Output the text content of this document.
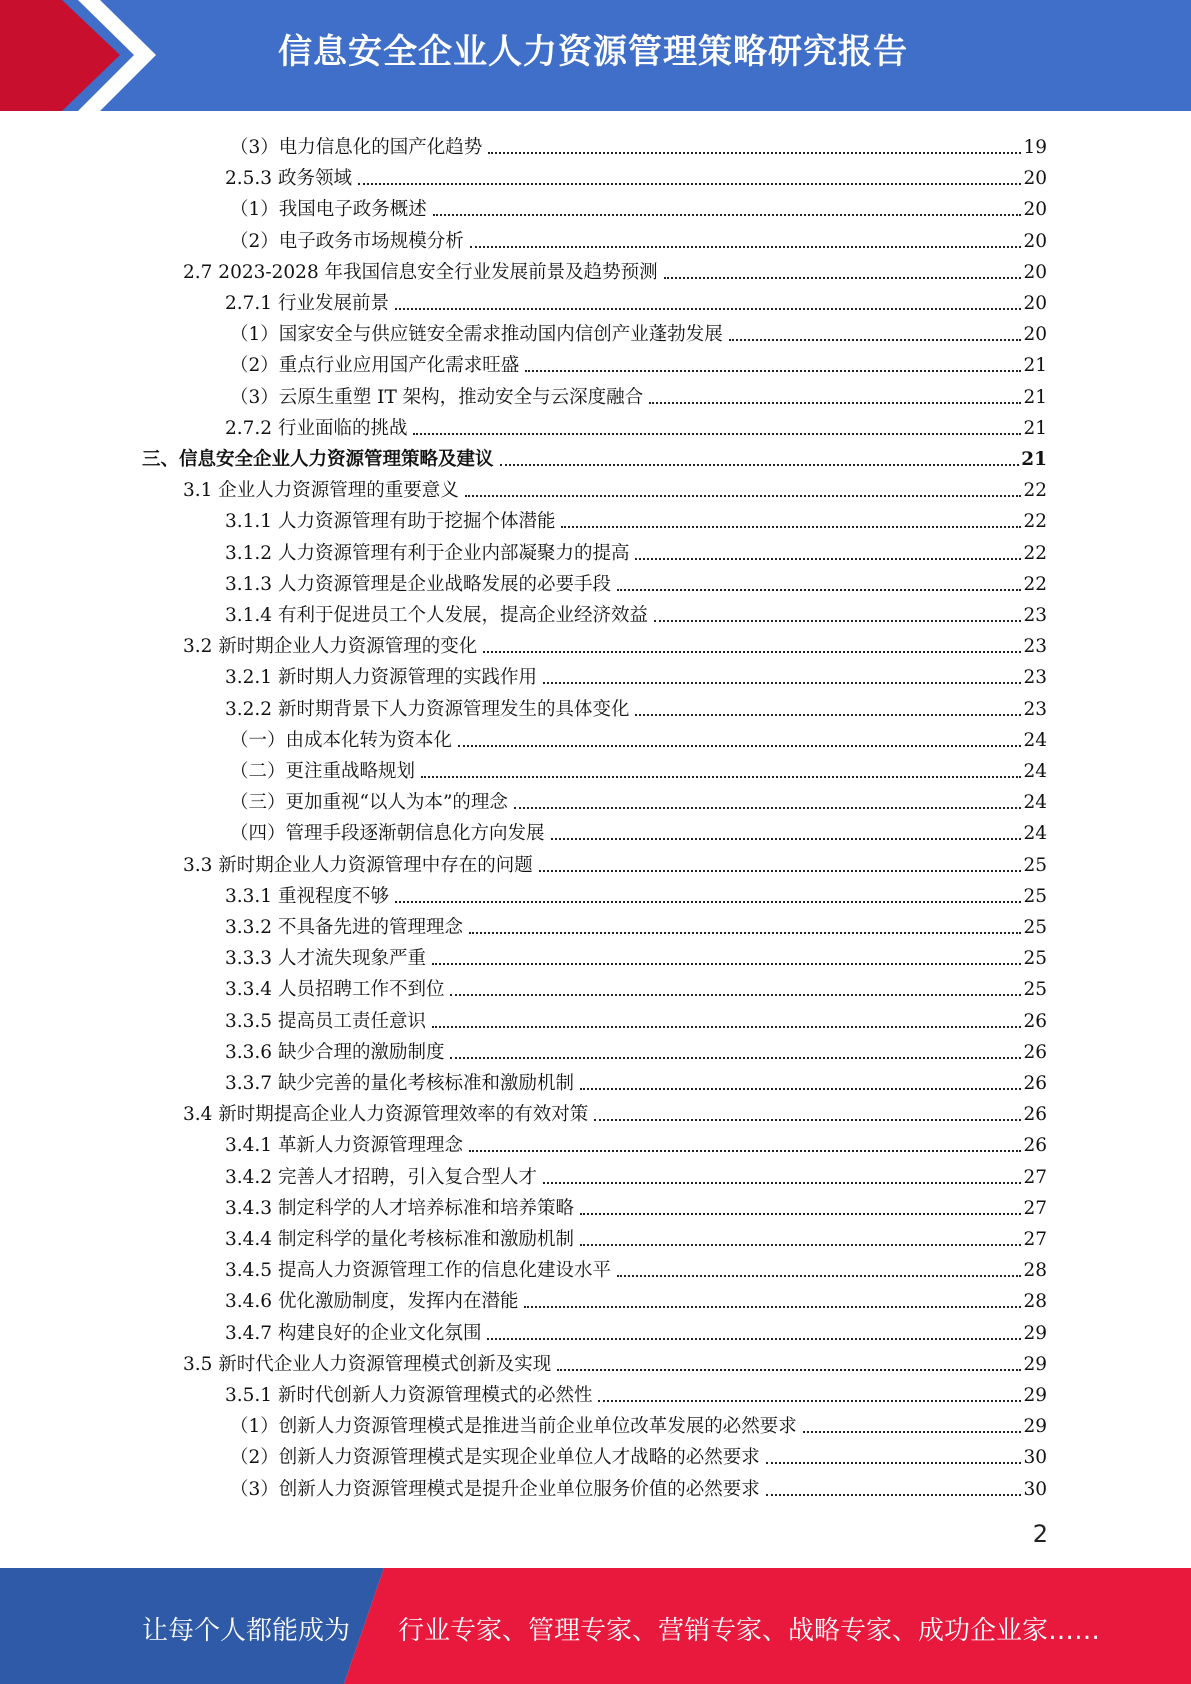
信息安全企业人力资源管理策略研究报告
（3）电力信息化的国产化趋势	19
2.5.3 政务领域	20
（1）我国电子政务概述	20
（2）电子政务市场规模分析	20
2.7 2023-2028 年我国信息安全行业发展前景及趋势预测	20
2.7.1 行业发展前景	20
（1）国家安全与供应链安全需求推动国内信创产业蓬勃发展	20
（2）重点行业应用国产化需求旺盛	21
（3）云原生重塑 IT 架构，推动安全与云深度融合	21
2.7.2 行业面临的挑战	21
三、信息安全企业人力资源管理策略及建议	21
3.1 企业人力资源管理的重要意义	22
3.1.1 人力资源管理有助于挖掘个体潜能	22
3.1.2 人力资源管理有利于企业内部凝聚力的提高	22
3.1.3 人力资源管理是企业战略发展的必要手段	22
3.1.4 有利于促进员工个人发展，提高企业经济效益	23
3.2 新时期企业人力资源管理的变化	23
3.2.1 新时期人力资源管理的实践作用	23
3.2.2 新时期背景下人力资源管理发生的具体变化	23
（一）由成本化转为资本化	24
（二）更注重战略规划	24
（三）更加重视“以人为本”的理念	24
（四）管理手段逐渐朝信息化方向发展	24
3.3 新时期企业人力资源管理中存在的问题	25
3.3.1 重视程度不够	25
3.3.2 不具备先进的管理理念	25
3.3.3 人才流失现象严重	25
3.3.4 人员招聘工作不到位	25
3.3.5 提高员工责任意识	26
3.3.6 缺少合理的激励制度	26
3.3.7 缺少完善的量化考核标准和激励机制	26
3.4 新时期提高企业人力资源管理效率的有效对策	26
3.4.1 革新人力资源管理理念	26
3.4.2 完善人才招聘，引入复合型人才	27
3.4.3 制定科学的人才培养标准和培养策略	27
3.4.4 制定科学的量化考核标准和激励机制	27
3.4.5 提高人力资源管理工作的信息化建设水平	28
3.4.6 优化激励制度，发挥内在潜能	28
3.4.7 构建良好的企业文化氛围	29
3.5 新时代企业人力资源管理模式创新及实现	29
3.5.1 新时代创新人力资源管理模式的必然性	29
（1）创新人力资源管理模式是推进当前企业单位改革发展的必然要求	29
（2）创新人力资源管理模式是实现企业单位人才战略的必然要求	30
（3）创新人力资源管理模式是提升企业单位服务价值的必然要求	30
2
让每个人都能成为 行业专家、管理专家、营销专家、战略专家、成功企业家……
